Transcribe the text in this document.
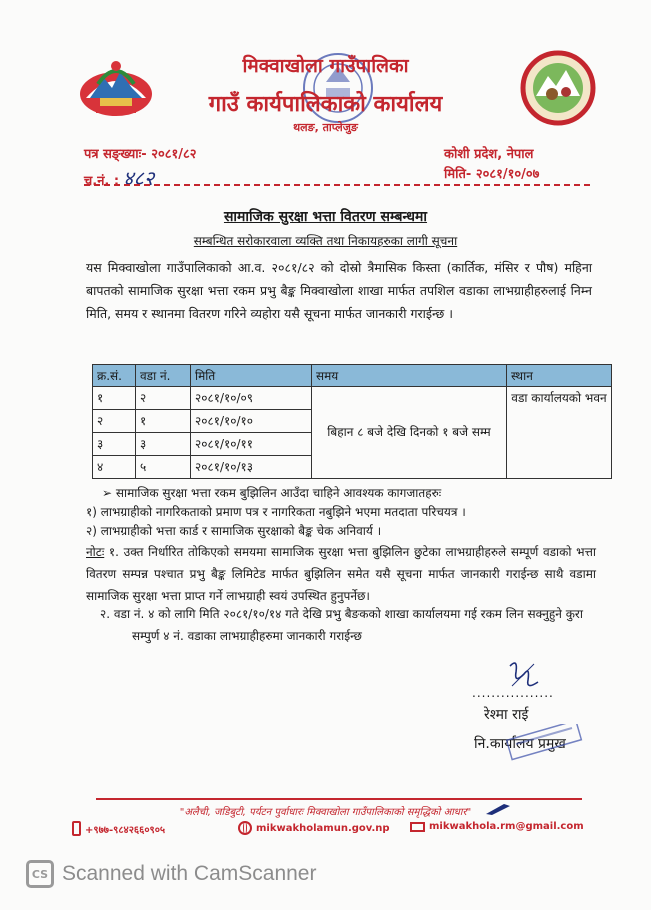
मिक्वाखोला गाउँपालिका
गाउँ कार्यपालिकाको कार्यालय
थलङ, ताप्लेजुङ
पत्र सङ्ख्याः- २०८१/८२
च.नं. : ४८२
कोशी प्रदेश, नेपाल
मिति- २०८१/१०/०७
सामाजिक सुरक्षा भत्ता वितरण सम्बन्धमा
सम्बन्धित सरोकारवाला व्यक्ति तथा निकायहरुका लागी सूचना
यस मिक्वाखोला गाउँपालिकाको आ.व. २०८१/८२ को दोस्रो त्रैमासिक किस्ता (कार्तिक, मंसिर र पौष) महिना बापतको सामाजिक सुरक्षा भत्ता रकम प्रभु बैङ्क मिक्वाखोला शाखा मार्फत तपशिल वडाका लाभग्राहीहरुलाई निम्न मिति, समय र स्थानमा वितरण गरिने व्यहोरा यसै सूचना मार्फत जानकारी गराईन्छ ।
क्र.सं.	वडा नं.	मिति	समय	स्थान
१	२	२०८१/१०/०९	बिहान ८ बजे देखि दिनको १ बजे सम्म	वडा कार्यालयको भवन
२	१	२०८१/१०/१०		
३	३	२०८१/१०/११		
४	५	२०८१/१०/१३		
➢ सामाजिक सुरक्षा भत्ता रकम बुझिलिन आउँदा चाहिने आवश्यक कागजातहरुः
१) लाभग्राहीको नागरिकताको प्रमाण पत्र र नागरिकता नबुझिने भएमा मतदाता परिचयत्र ।
२) लाभग्राहीको भत्ता कार्ड र सामाजिक सुरक्षाको बैङ्क चेक अनिवार्य ।
नोटः १. उक्त निर्धारित तोकिएको समयमा सामाजिक सुरक्षा भत्ता बुझिलिन छुटेका लाभग्राहीहरुले सम्पूर्ण वडाको भत्ता वितरण सम्पन्न पश्चात प्रभु बैङ्क लिमिटेड मार्फत बुझिलिन समेत यसै सूचना मार्फत जानकारी गराईन्छ साथै वडामा सामाजिक सुरक्षा भत्ता प्राप्त गर्ने लाभग्राही स्वयं उपस्थित हुनुपर्नेछ।
२. वडा नं. ४ को लागि मिति २०८१/१०/१४ गते देखि प्रभु बैङकको शाखा कार्यालयमा गई रकम लिन सक्नुहुने कुरा सम्पुर्ण ४ नं. वडाका लाभग्राहीहरुमा जानकारी गराईन्छ
.................
रेश्मा राई
नि.कार्यालय प्रमुख
"अलैची, जडिबुटी, पर्यटन पुर्वाधारः मिक्वाखोला गाउँपालिकाको समृद्धिको आधार"
+९७७-९८४२६६०९०५	mikwakholamun.gov.np	mikwakhola.rm@gmail.com
CS Scanned with CamScanner
